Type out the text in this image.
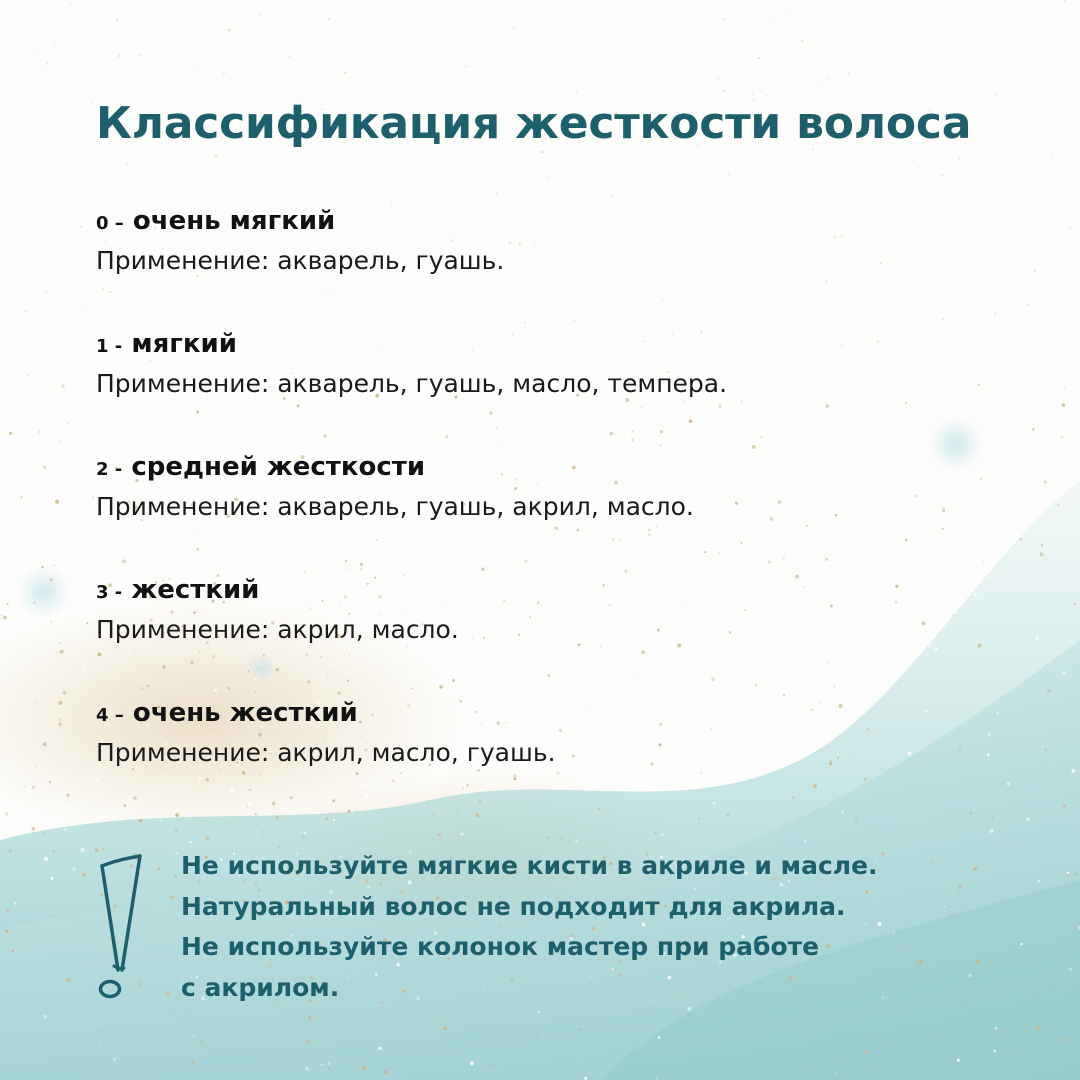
Классификация жесткости волоса
0 – очень мягкий
Применение: акварель, гуашь.
1 - мягкий
Применение: акварель, гуашь, масло, темпера.
2 - средней жесткости
Применение: акварель, гуашь, акрил, масло.
3 - жесткий
Применение: акрил, масло.
4 – очень жесткий
Применение: акрил, масло, гуашь.
Не используйте мягкие кисти в акриле и масле.
Натуральный волос не подходит для акрила.
Не используйте колонок мастер при работе
с акрилом.
